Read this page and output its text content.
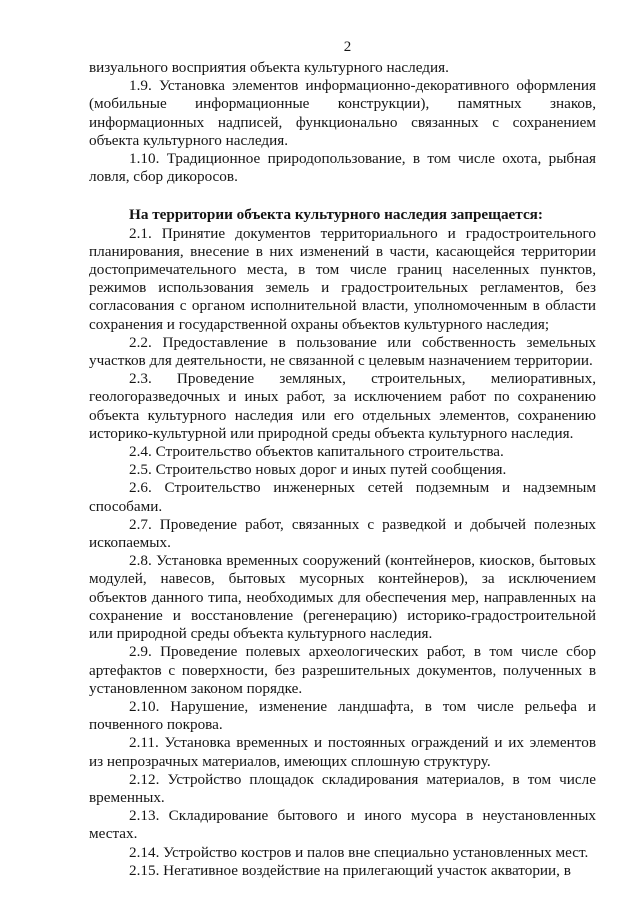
2

визуального восприятия объекта культурного наследия.

1.9. Установка элементов информационно-декоративного оформления (мобильные информационные конструкции), памятных знаков, информационных надписей, функционально связанных с сохранением объекта культурного наследия.

1.10. Традиционное природопользование, в том числе охота, рыбная ловля, сбор дикоросов.

На территории объекта культурного наследия запрещается:

2.1. Принятие документов территориального и градостроительного планирования, внесение в них изменений в части, касающейся территории достопримечательного места, в том числе границ населенных пунктов, режимов использования земель и градостроительных регламентов, без согласования с органом исполнительной власти, уполномоченным в области сохранения и государственной охраны объектов культурного наследия;

2.2. Предоставление в пользование или собственность земельных участков для деятельности, не связанной с целевым назначением территории.

2.3. Проведение земляных, строительных, мелиоративных, геологоразведочных и иных работ, за исключением работ по сохранению объекта культурного наследия или его отдельных элементов, сохранению историко-культурной или природной среды объекта культурного наследия.

2.4. Строительство объектов капитального строительства.

2.5. Строительство новых дорог и иных путей сообщения.

2.6. Строительство инженерных сетей подземным и надземным способами.

2.7. Проведение работ, связанных с разведкой и добычей полезных ископаемых.

2.8. Установка временных сооружений (контейнеров, киосков, бытовых модулей, навесов, бытовых мусорных контейнеров), за исключением объектов данного типа, необходимых для обеспечения мер, направленных на сохранение и восстановление (регенерацию) историко-градостроительной или природной среды объекта культурного наследия.

2.9. Проведение полевых археологических работ, в том числе сбор артефактов с поверхности, без разрешительных документов, полученных в установленном законом порядке.

2.10. Нарушение, изменение ландшафта, в том числе рельефа и почвенного покрова.

2.11. Установка временных и постоянных ограждений и их элементов из непрозрачных материалов, имеющих сплошную структуру.

2.12. Устройство площадок складирования материалов, в том числе временных.

2.13. Складирование бытового и иного мусора в неустановленных местах.

2.14. Устройство костров и палов вне специально установленных мест.

2.15. Негативное воздействие на прилегающий участок акватории, в
